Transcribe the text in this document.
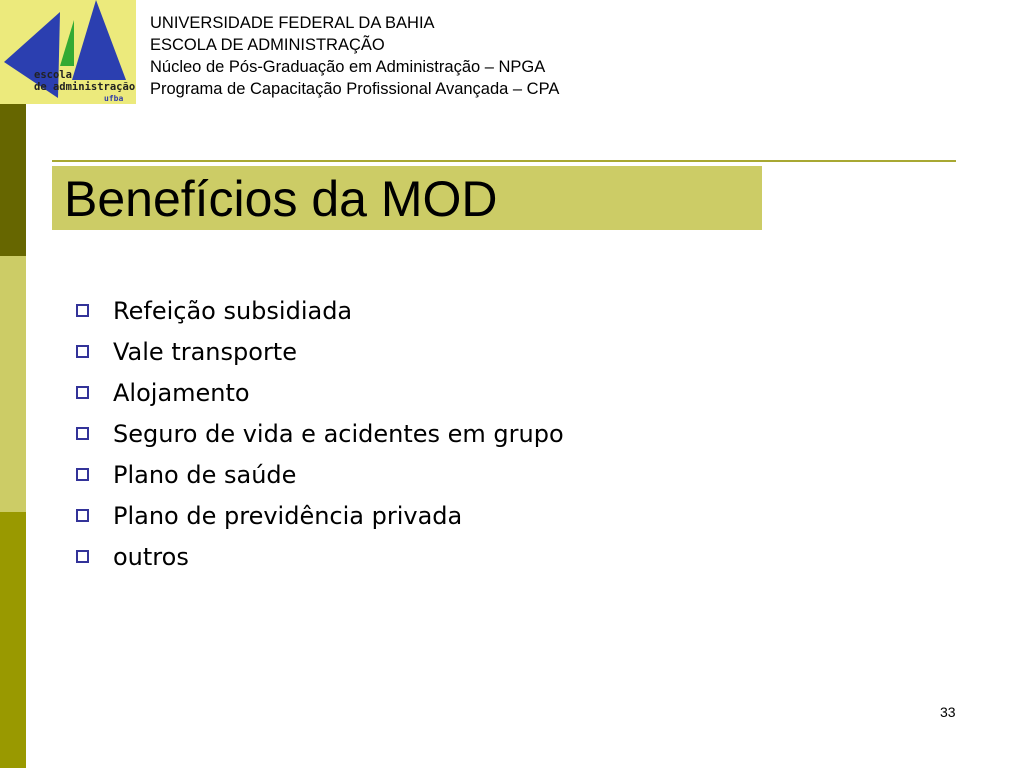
escola
de administração
ufba
UNIVERSIDADE FEDERAL DA BAHIA
ESCOLA DE ADMINISTRAÇÃO
Núcleo de Pós-Graduação em Administração – NPGA
Programa de Capacitação Profissional Avançada – CPA
Benefícios da MOD
Refeição subsidiada
Vale transporte
Alojamento
Seguro de vida e acidentes em grupo
Plano de saúde
Plano de previdência privada
outros
33
